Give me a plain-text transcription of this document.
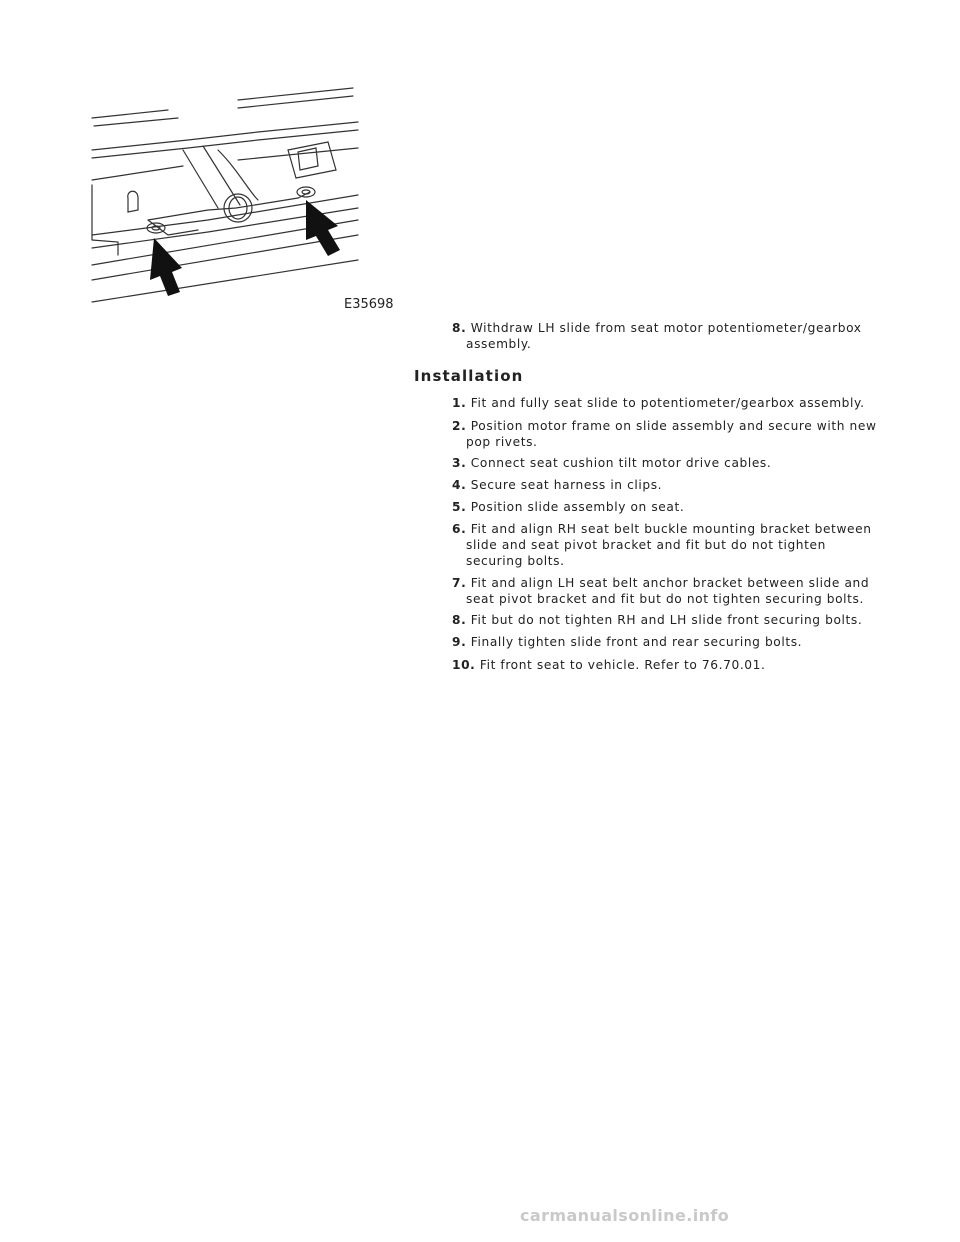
E35698
8. Withdraw LH slide from seat motor potentiometer/gearbox assembly.
Installation
1. Fit and fully seat slide to potentiometer/gearbox assembly.
2. Position motor frame on slide assembly and secure with new pop rivets.
3. Connect seat cushion tilt motor drive cables.
4. Secure seat harness in clips.
5. Position slide assembly on seat.
6. Fit and align RH seat belt buckle mounting bracket between slide and seat pivot bracket and fit but do not tighten securing bolts.
7. Fit and align LH seat belt anchor bracket between slide and seat pivot bracket and fit but do not tighten securing bolts.
8. Fit but do not tighten RH and LH slide front securing bolts.
9. Finally tighten slide front and rear securing bolts.
10. Fit front seat to vehicle. Refer to 76.70.01.
carmanualsonline.info
